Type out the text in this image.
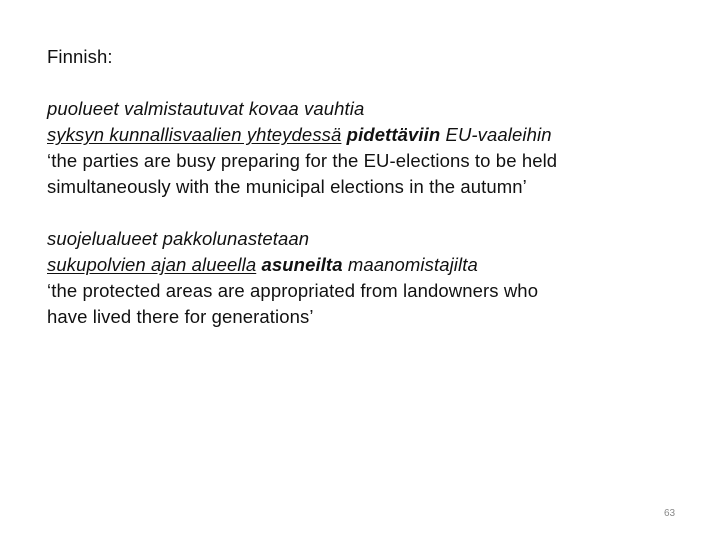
Finnish:

puolueet valmistautuvat kovaa vauhtia
syksyn kunnallisvaalien yhteydessä pidettäviin EU-vaaleihin
‘the parties are busy preparing for the EU-elections to be held
simultaneously with the municipal elections in the autumn’
suojelualueet pakkolunastetaan
sukupolvien ajan alueella asuneilta maanomistajilta
‘the protected areas are appropriated from landowners who
have lived there for generations’
63
